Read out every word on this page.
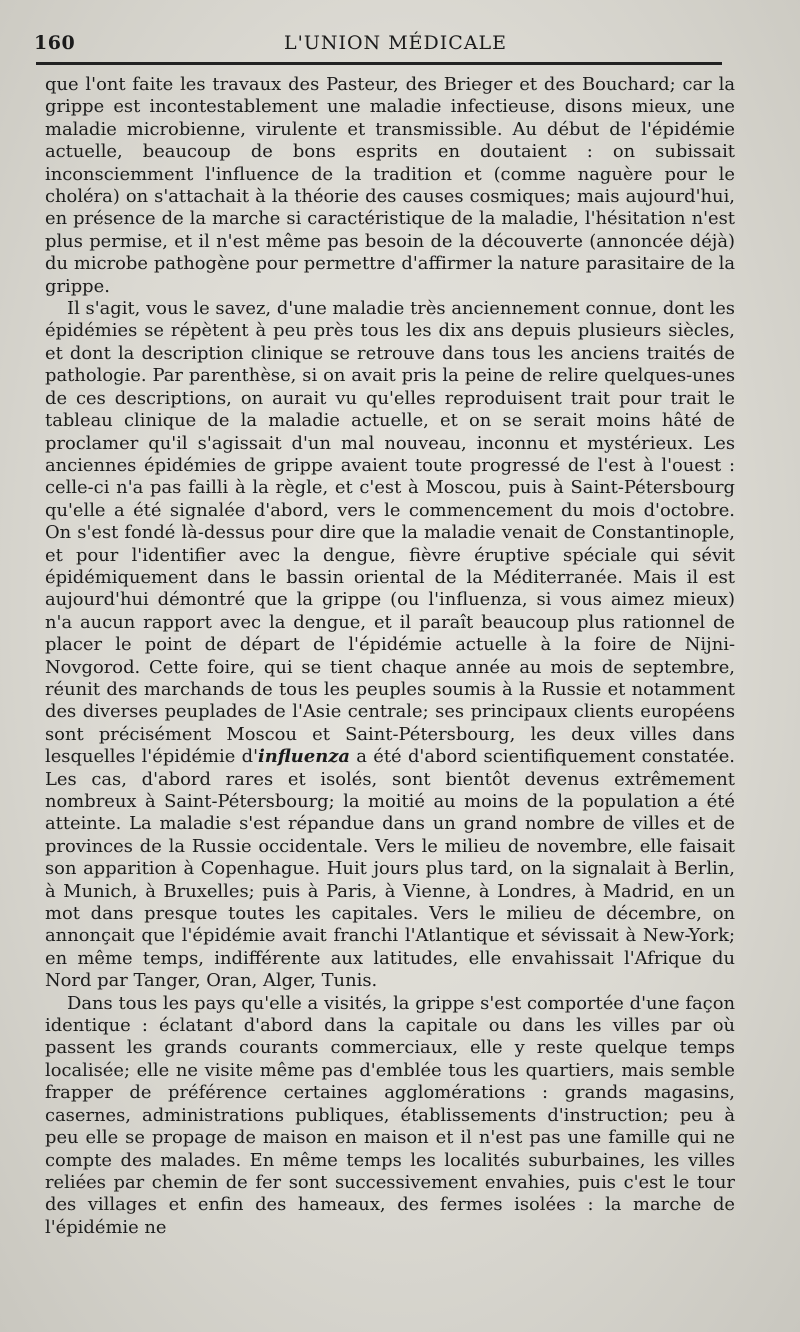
160	L'UNION MÉDICALE

que l'ont faite les travaux des Pasteur, des Brieger et des Bouchard; car la grippe est incontestablement une maladie infectieuse, disons mieux, une maladie microbienne, virulente et transmissible. Au début de l'épidémie actuelle, beaucoup de bons esprits en doutaient : on subissait inconsciemment l'influence de la tradition et (comme naguère pour le choléra) on s'attachait à la théorie des causes cosmiques; mais aujourd'hui, en présence de la marche si caractéristique de la maladie, l'hésitation n'est plus permise, et il n'est même pas besoin de la découverte (annoncée déjà) du microbe pathogène pour permettre d'affirmer la nature parasitaire de la grippe.

Il s'agit, vous le savez, d'une maladie très anciennement connue, dont les épidémies se répètent à peu près tous les dix ans depuis plusieurs siècles, et dont la description clinique se retrouve dans tous les anciens traités de pathologie. Par parenthèse, si on avait pris la peine de relire quelques-unes de ces descriptions, on aurait vu qu'elles reproduisent trait pour trait le tableau clinique de la maladie actuelle, et on se serait moins hâté de proclamer qu'il s'agissait d'un mal nouveau, inconnu et mystérieux. Les anciennes épidémies de grippe avaient toute progressé de l'est à l'ouest : celle-ci n'a pas failli à la règle, et c'est à Moscou, puis à Saint-Pétersbourg qu'elle a été signalée d'abord, vers le commencement du mois d'octobre. On s'est fondé là-dessus pour dire que la maladie venait de Constantinople, et pour l'identifier avec la dengue, fièvre éruptive spéciale qui sévit épidémiquement dans le bassin oriental de la Méditerranée. Mais il est aujourd'hui démontré que la grippe (ou l'influenza, si vous aimez mieux) n'a aucun rapport avec la dengue, et il paraît beaucoup plus rationnel de placer le point de départ de l'épidémie actuelle à la foire de Nijni-Novgorod. Cette foire, qui se tient chaque année au mois de septembre, réunit des marchands de tous les peuples soumis à la Russie et notamment des diverses peuplades de l'Asie centrale; ses principaux clients européens sont précisément Moscou et Saint-Pétersbourg, les deux villes dans lesquelles l'épidémie d'influenza a été d'abord scientifiquement constatée. Les cas, d'abord rares et isolés, sont bientôt devenus extrêmement nombreux à Saint-Pétersbourg; la moitié au moins de la population a été atteinte. La maladie s'est répandue dans un grand nombre de villes et de provinces de la Russie occidentale. Vers le milieu de novembre, elle faisait son apparition à Copenhague. Huit jours plus tard, on la signalait à Berlin, à Munich, à Bruxelles; puis à Paris, à Vienne, à Londres, à Madrid, en un mot dans presque toutes les capitales. Vers le milieu de décembre, on annonçait que l'épidémie avait franchi l'Atlantique et sévissait à New-York; en même temps, indifférente aux latitudes, elle envahissait l'Afrique du Nord par Tanger, Oran, Alger, Tunis.

Dans tous les pays qu'elle a visités, la grippe s'est comportée d'une façon identique : éclatant d'abord dans la capitale ou dans les villes par où passent les grands courants commerciaux, elle y reste quelque temps localisée; elle ne visite même pas d'emblée tous les quartiers, mais semble frapper de préférence certaines agglomérations : grands magasins, casernes, administrations publiques, établissements d'instruction; peu à peu elle se propage de maison en maison et il n'est pas une famille qui ne compte des malades. En même temps les localités suburbaines, les villes reliées par chemin de fer sont successivement envahies, puis c'est le tour des villages et enfin des hameaux, des fermes isolées : la marche de l'épidémie ne
